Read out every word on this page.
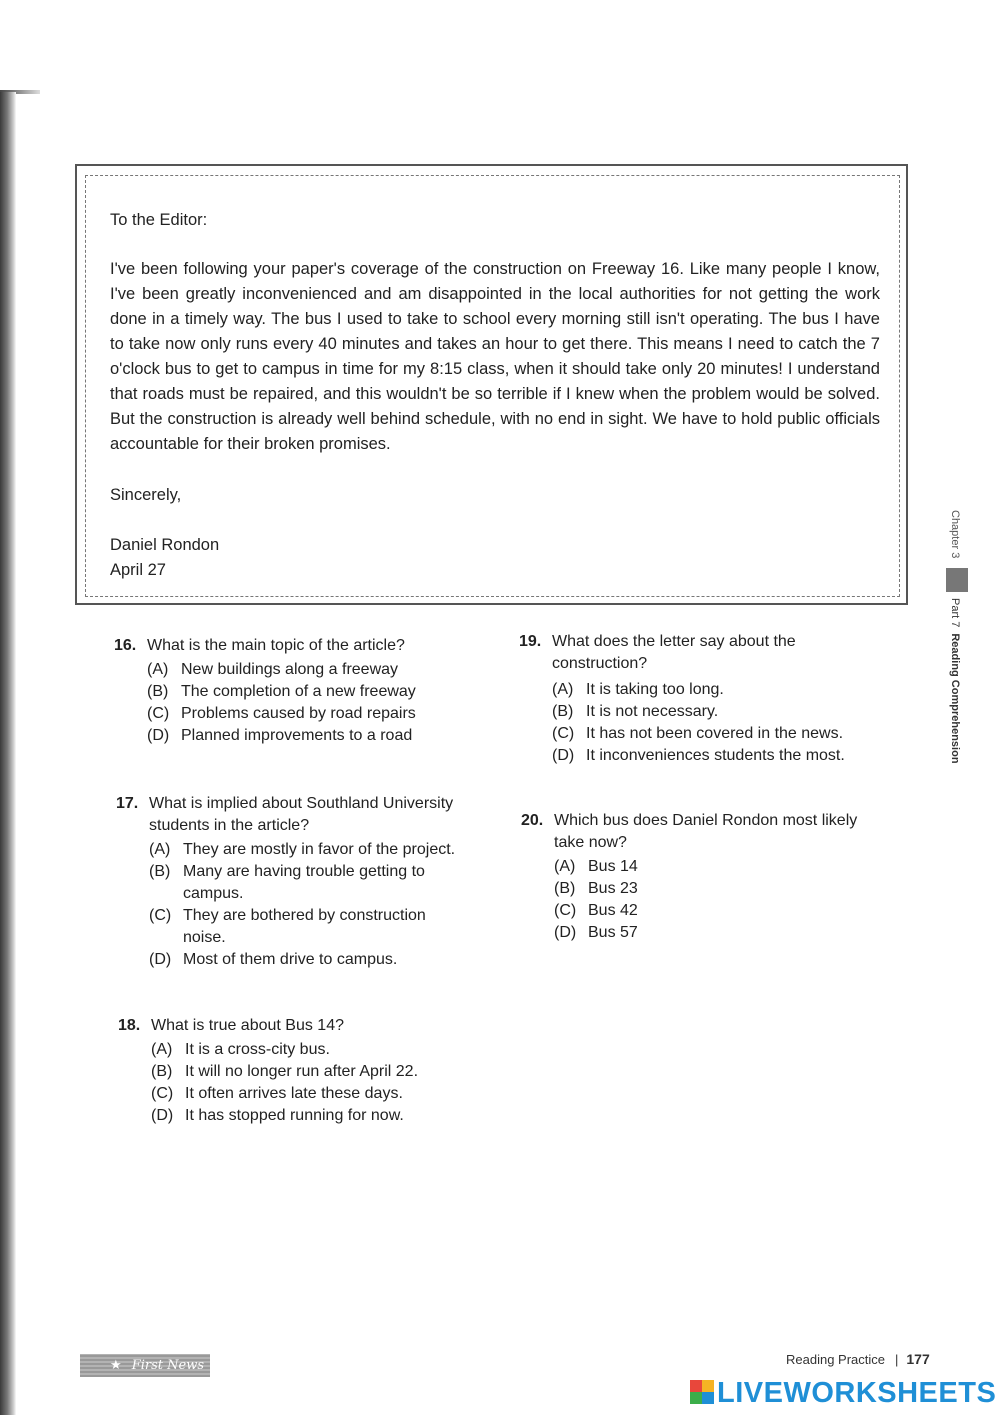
To the Editor:

I've been following your paper's coverage of the construction on Freeway 16. Like many people I know, I've been greatly inconvenienced and am disappointed in the local authorities for not getting the work done in a timely way. The bus I used to take to school every morning still isn't operating. The bus I have to take now only runs every 40 minutes and takes an hour to get there. This means I need to catch the 7 o'clock bus to get to campus in time for my 8:15 class, when it should take only 20 minutes! I understand that roads must be repaired, and this wouldn't be so terrible if I knew when the problem would be solved. But the construction is already well behind schedule, with no end in sight. We have to hold public officials accountable for their broken promises.

Sincerely,

Daniel Rondon

April 27

Chapter 3
Part 7Reading Comprehension
16. What is the main topic of the article?
(A) New buildings along a freeway
(B) The completion of a new freeway
(C) Problems caused by road repairs
(D) Planned improvements to a road
17. What is implied about Southland University students in the article?
(A) They are mostly in favor of the project.
(B) Many are having trouble getting to campus.
(C) They are bothered by construction noise.
(D) Most of them drive to campus.
18. What is true about Bus 14?
(A) It is a cross-city bus.
(B) It will no longer run after April 22.
(C) It often arrives late these days.
(D) It has stopped running for now.
19. What does the letter say about the construction?
(A) It is taking too long.
(B) It is not necessary.
(C) It has not been covered in the news.
(D) It inconveniences students the most.
20. Which bus does Daniel Rondon most likely take now?
(A) Bus 14
(B) Bus 23
(C) Bus 42
(D) Bus 57
★ First News	Reading Practice | 177
LIVEWORKSHEETS
